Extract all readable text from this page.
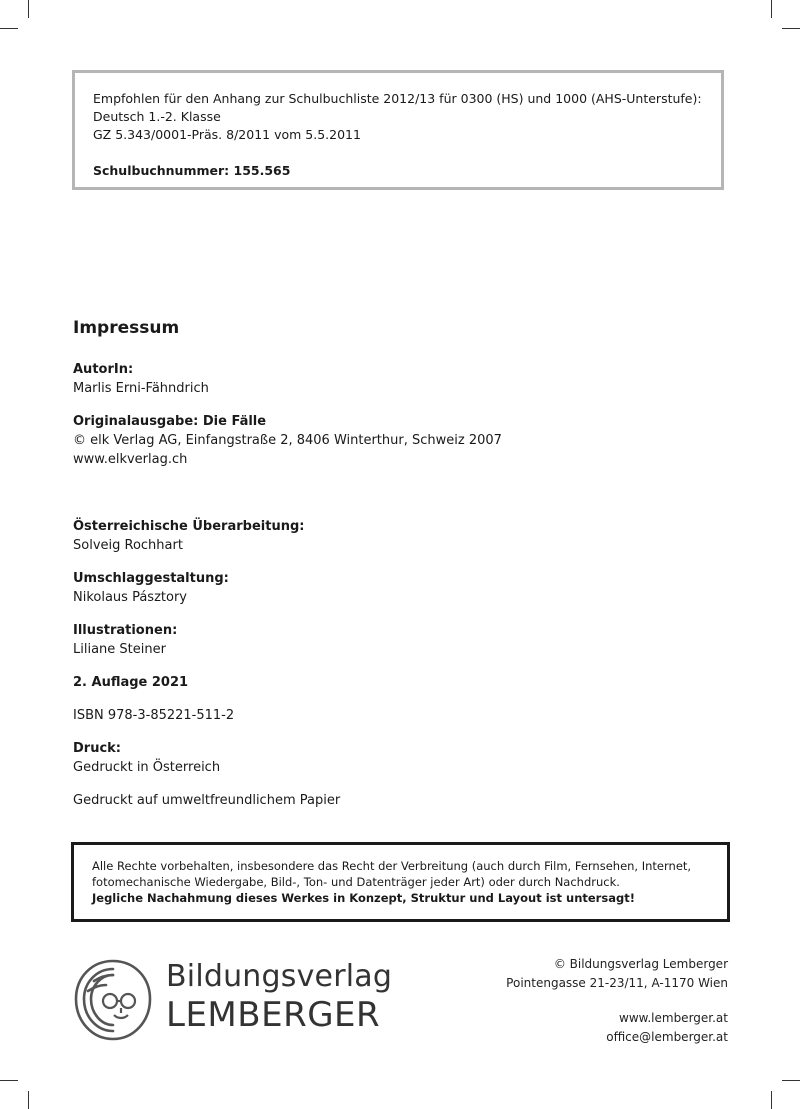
Empfohlen für den Anhang zur Schulbuchliste 2012/13 für 0300 (HS) und 1000 (AHS-Unterstufe):
Deutsch 1.-2. Klasse
GZ 5.343/0001-Präs. 8/2011 vom 5.5.2011
Schulbuchnummer: 155.565
Impressum
AutorIn:
Marlis Erni-Fähndrich
Originalausgabe: Die Fälle
© elk Verlag AG, Einfangstraße 2, 8406 Winterthur, Schweiz 2007
www.elkverlag.ch
Österreichische Überarbeitung:
Solveig Rochhart
Umschlaggestaltung:
Nikolaus Pásztory
Illustrationen:
Liliane Steiner
2. Auflage 2021
ISBN 978-3-85221-511-2
Druck:
Gedruckt in Österreich
Gedruckt auf umweltfreundlichem Papier
Alle Rechte vorbehalten, insbesondere das Recht der Verbreitung (auch durch Film, Fernsehen, Internet,
fotomechanische Wiedergabe, Bild-, Ton- und Datenträger jeder Art) oder durch Nachdruck.
Jegliche Nachahmung dieses Werkes in Konzept, Struktur und Layout ist untersagt!
Bildungsverlag
LEMBERGER
© Bildungsverlag Lemberger
Pointengasse 21-23/11, A-1170 Wien
www.lemberger.at
office@lemberger.at
